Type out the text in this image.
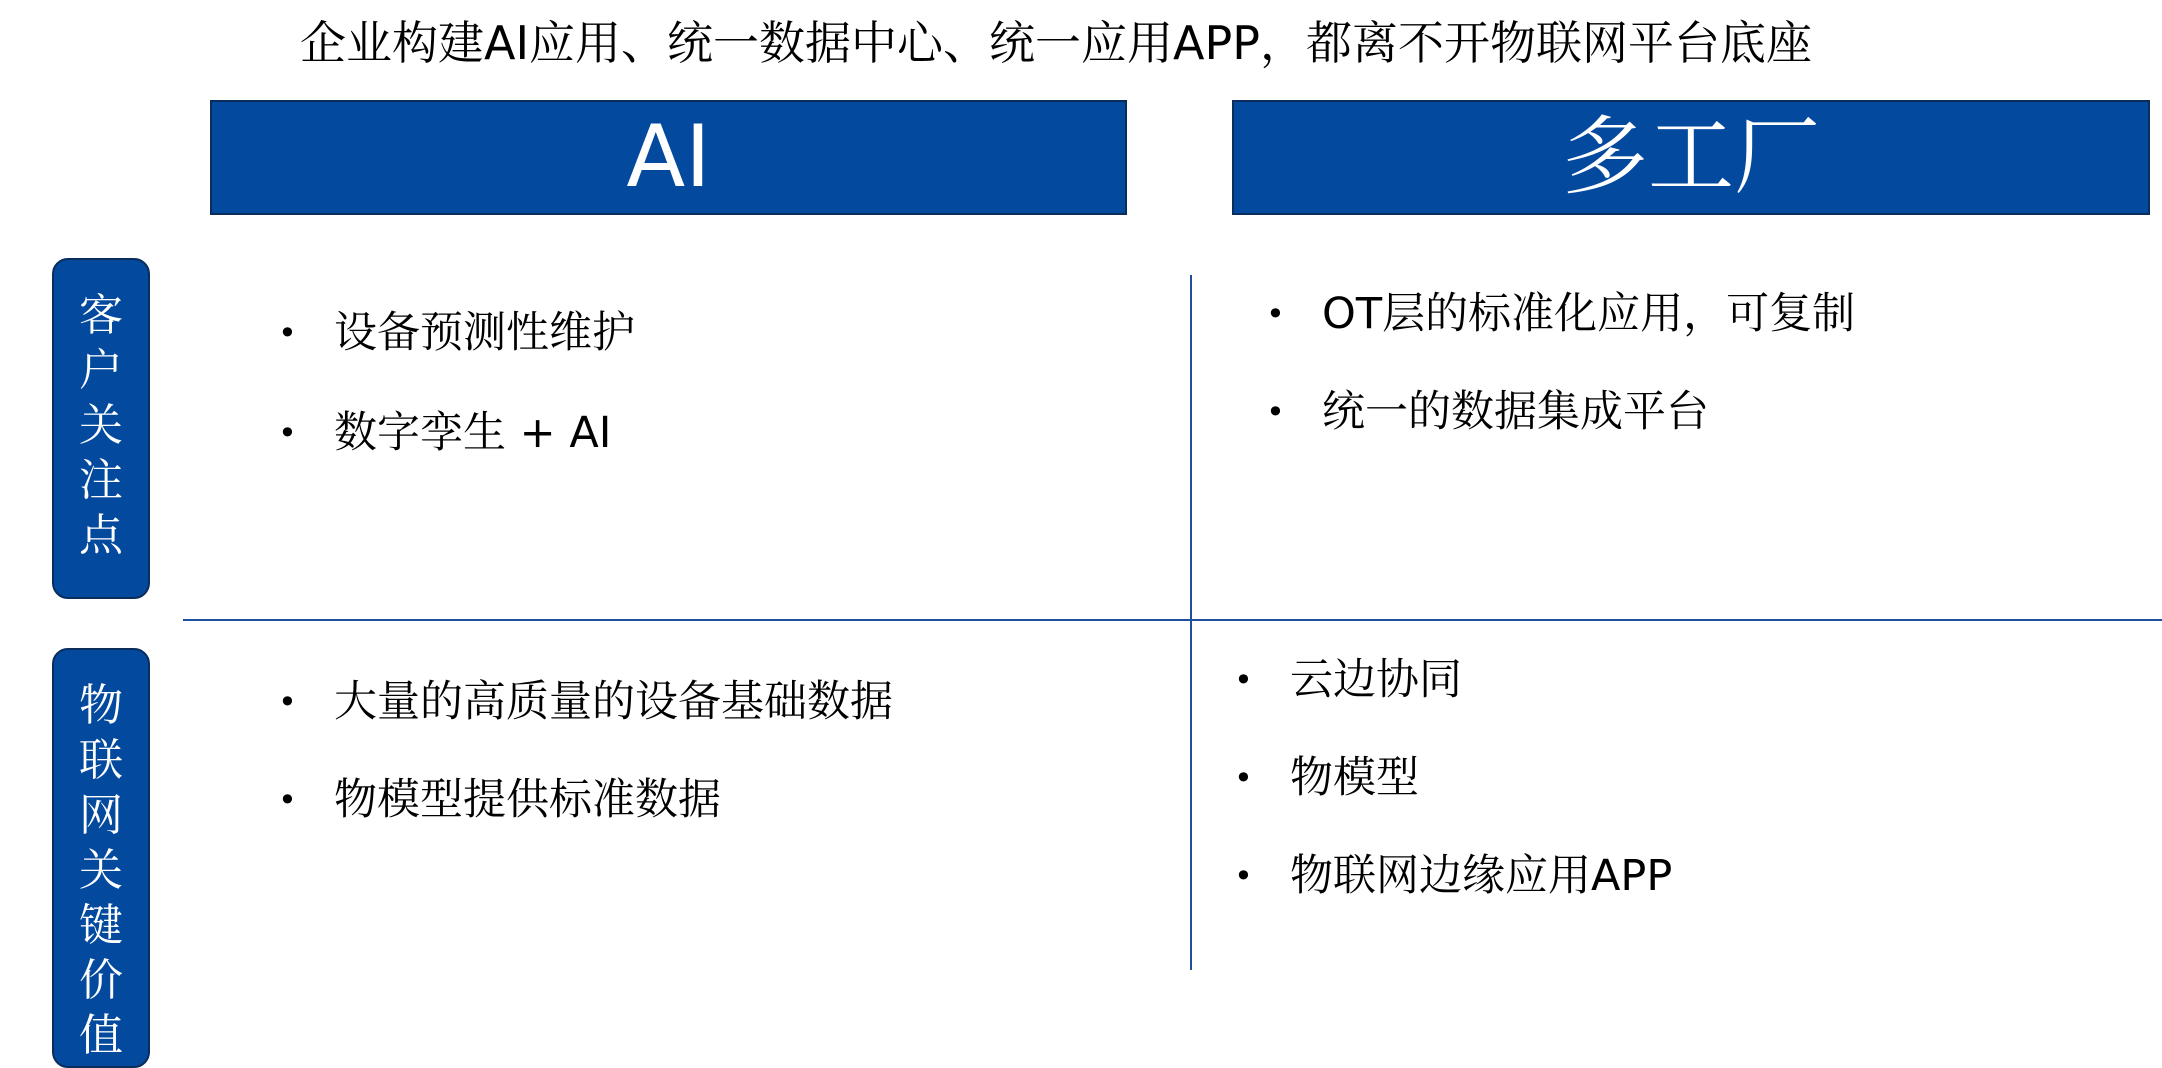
企业构建AI应用、统一数据中心、统一应用APP，都离不开物联网平台底座
AI	多工厂
客
户
关
注
点
物
联
网
关
键
价
值
• 设备预测性维护
• 数字孪生 + AI
• OT层的标准化应用，可复制
• 统一的数据集成平台
• 大量的高质量的设备基础数据
• 物模型提供标准数据
• 云边协同
• 物模型
• 物联网边缘应用APP
